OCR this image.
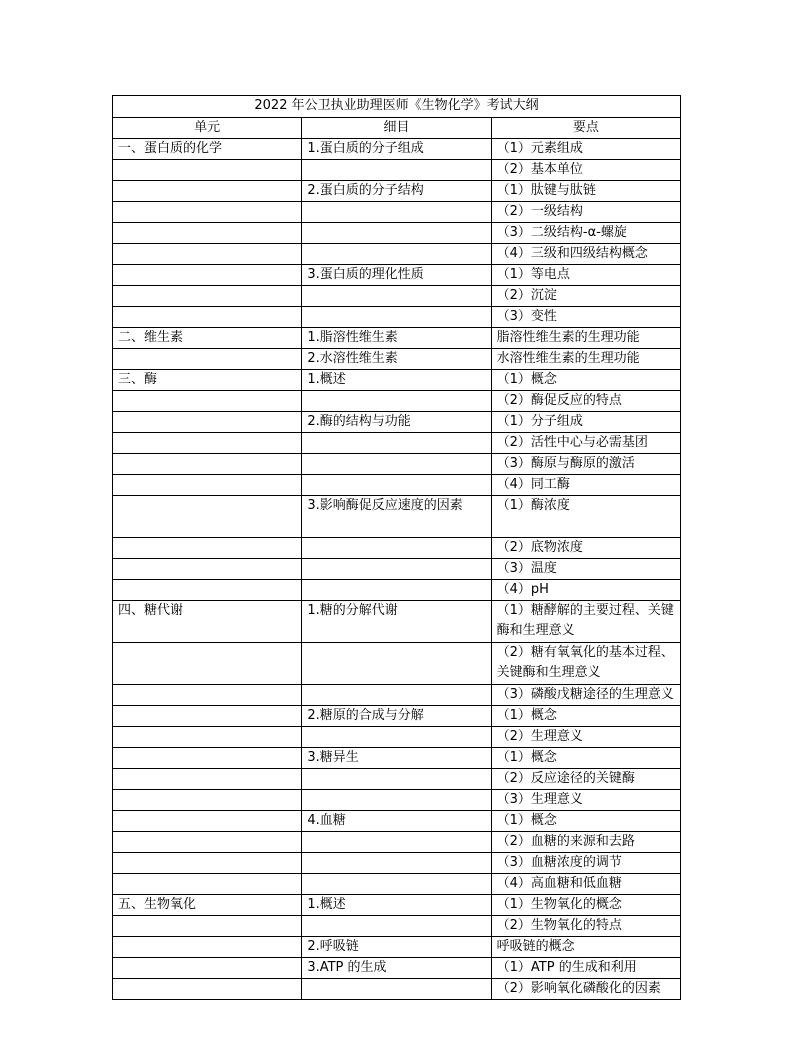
2022 年公卫执业助理医师《生物化学》考试大纲		
单元	细目	要点
一、蛋白质的化学	1.蛋白质的分子组成	（1）元素组成
		（2）基本单位
	2.蛋白质的分子结构	（1）肽键与肽链
		（2）一级结构
		（3）二级结构-α-螺旋
		（4）三级和四级结构概念
	3.蛋白质的理化性质	（1）等电点
		（2）沉淀
		（3）变性
二、维生素	1.脂溶性维生素	脂溶性维生素的生理功能
	2.水溶性维生素	水溶性维生素的生理功能
三、酶	1.概述	（1）概念
		（2）酶促反应的特点
	2.酶的结构与功能	（1）分子组成
		（2）活性中心与必需基团
		（3）酶原与酶原的激活
		（4）同工酶
	3.影响酶促反应速度的因素	（1）酶浓度
		（2）底物浓度
		（3）温度
		（4）pH
四、糖代谢	1.糖的分解代谢	（1）糖酵解的主要过程、关键酶和生理意义
		（2）糖有氧氧化的基本过程、关键酶和生理意义
		（3）磷酸戊糖途径的生理意义
	2.糖原的合成与分解	（1）概念
		（2）生理意义
	3.糖异生	（1）概念
		（2）反应途径的关键酶
		（3）生理意义
	4.血糖	（1）概念
		（2）血糖的来源和去路
		（3）血糖浓度的调节
		（4）高血糖和低血糖
五、生物氧化	1.概述	（1）生物氧化的概念
		（2）生物氧化的特点
	2.呼吸链	呼吸链的概念
	3.ATP 的生成	（1）ATP 的生成和利用
		（2）影响氧化磷酸化的因素
